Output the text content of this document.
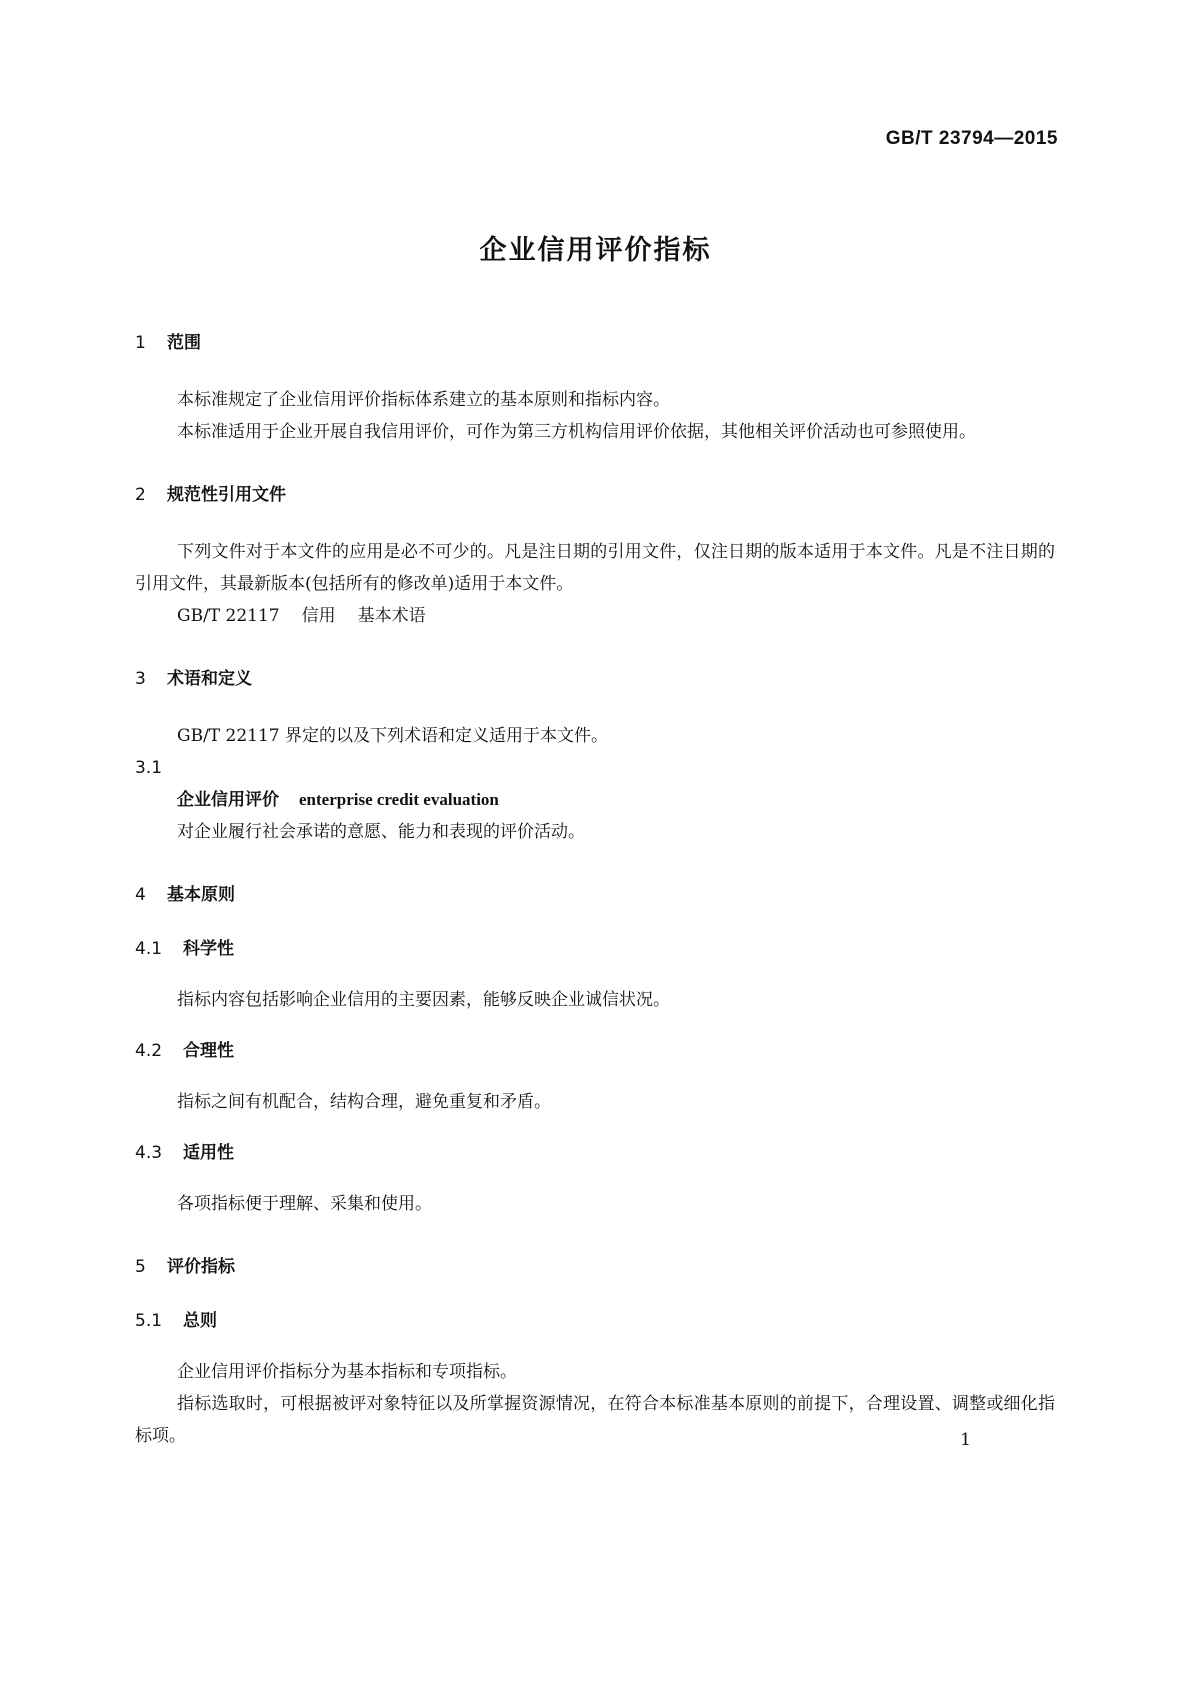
GB/T 23794—2015
企业信用评价指标
1 范围

本标准规定了企业信用评价指标体系建立的基本原则和指标内容。

本标准适用于企业开展自我信用评价，可作为第三方机构信用评价依据，其他相关评价活动也可参照使用。

2 规范性引用文件

下列文件对于本文件的应用是必不可少的。凡是注日期的引用文件，仅注日期的版本适用于本文件。凡是不注日期的引用文件，其最新版本(包括所有的修改单)适用于本文件。

GB/T 22117 信用 基本术语
3 术语和定义

GB/T 22117 界定的以及下列术语和定义适用于本文件。

3.1
企业信用评价 enterprise credit evaluation

对企业履行社会承诺的意愿、能力和表现的评价活动。

4 基本原则
4.1 科学性

指标内容包括影响企业信用的主要因素，能够反映企业诚信状况。

4.2 合理性

指标之间有机配合，结构合理，避免重复和矛盾。

4.3 适用性

各项指标便于理解、采集和使用。

5 评价指标
5.1 总则

企业信用评价指标分为基本指标和专项指标。

指标选取时，可根据被评对象特征以及所掌握资源情况，在符合本标准基本原则的前提下，合理设置、调整或细化指标项。	1
